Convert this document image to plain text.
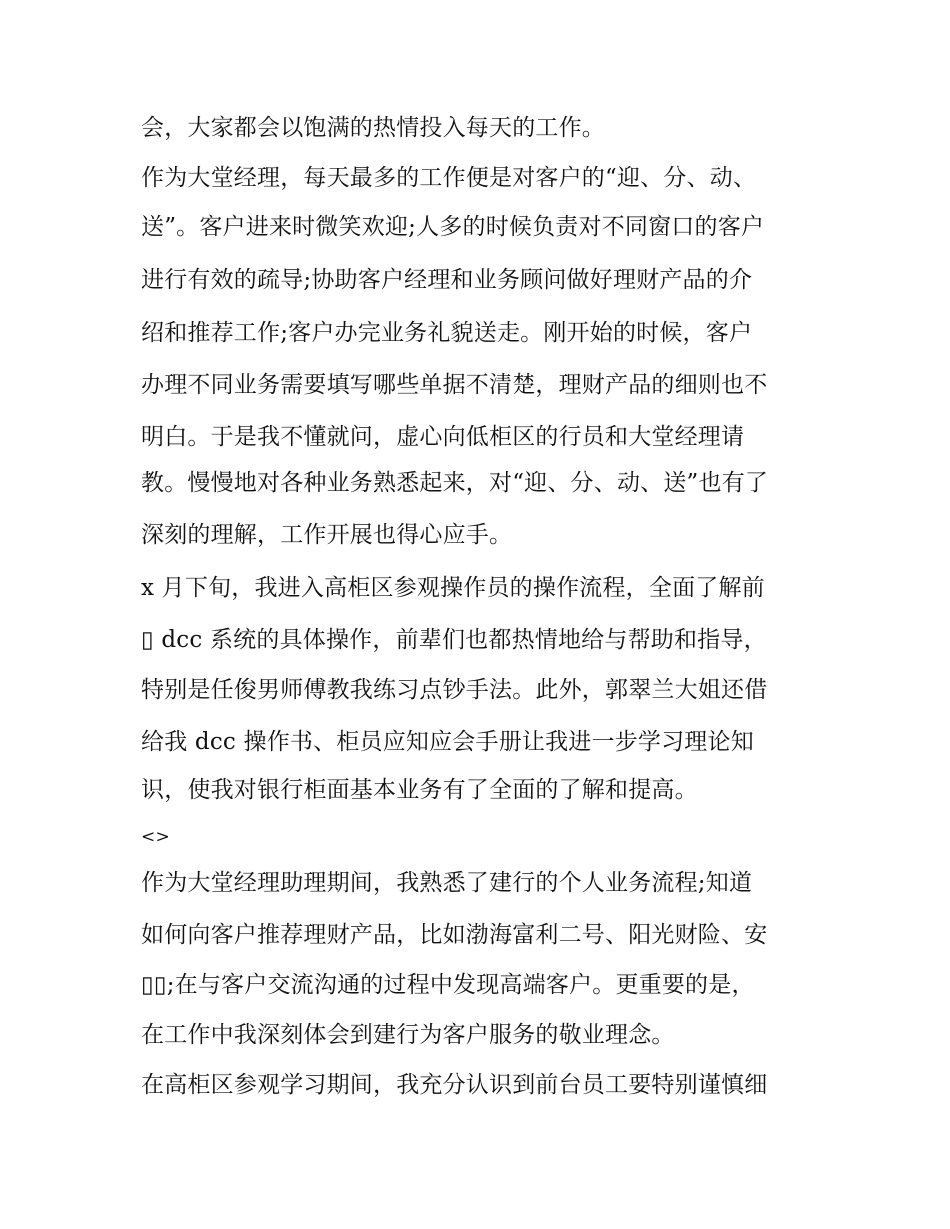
会，大家都会以饱满的热情投入每天的工作。
作为大堂经理，每天最多的工作便是对客户的“迎、分、动、
送”。客户进来时微笑欢迎;人多的时候负责对不同窗口的客户
进行有效的疏导;协助客户经理和业务顾问做好理财产品的介
绍和推荐工作;客户办完业务礼貌送走。刚开始的时候，客户
办理不同业务需要填写哪些单据不清楚，理财产品的细则也不
明白。于是我不懂就问，虚心向低柜区的行员和大堂经理请
教。慢慢地对各种业务熟悉起来，对“迎、分、动、送”也有了
深刻的理解，工作开展也得心应手。
x 月下旬，我进入高柜区参观操作员的操作流程，全面了解前
▯ dcc 系统的具体操作，前辈们也都热情地给与帮助和指导，
特别是任俊男师傅教我练习点钞手法。此外，郭翠兰大姐还借
给我 dcc 操作书、柜员应知应会手册让我进一步学习理论知
识，使我对银行柜面基本业务有了全面的了解和提高。
<>
作为大堂经理助理期间，我熟悉了建行的个人业务流程;知道
如何向客户推荐理财产品，比如渤海富利二号、阳光财险、安
▯▯;在与客户交流沟通的过程中发现高端客户。更重要的是，
在工作中我深刻体会到建行为客户服务的敬业理念。
在高柜区参观学习期间，我充分认识到前台员工要特别谨慎细
